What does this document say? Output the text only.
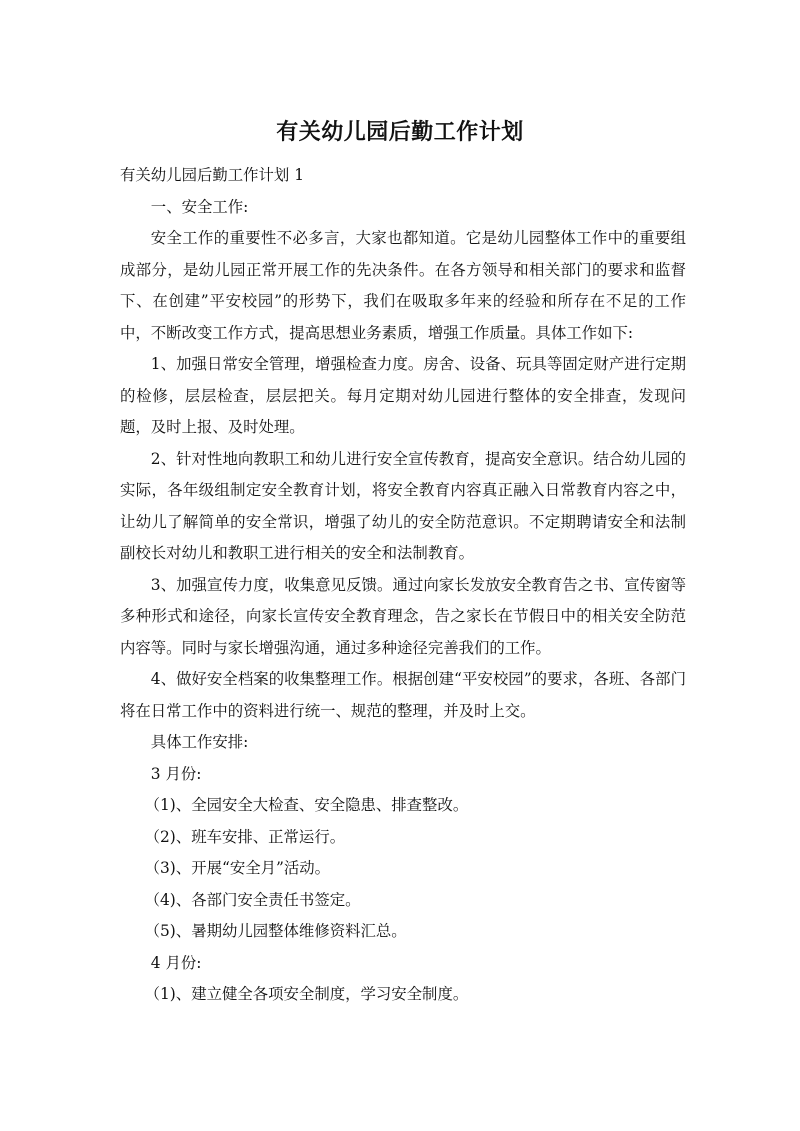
有关幼儿园后勤工作计划

有关幼儿园后勤工作计划 1

一、安全工作:

安全工作的重要性不必多言，大家也都知道。它是幼儿园整体工作中的重要组成部分，是幼儿园正常开展工作的先决条件。在各方领导和相关部门的要求和监督下、在创建”平安校园”的形势下，我们在吸取多年来的经验和所存在不足的工作中，不断改变工作方式，提高思想业务素质，增强工作质量。具体工作如下:

1、加强日常安全管理，增强检查力度。房舍、设备、玩具等固定财产进行定期的检修，层层检查，层层把关。每月定期对幼儿园进行整体的安全排查，发现问题，及时上报、及时处理。

2、针对性地向教职工和幼儿进行安全宣传教育，提高安全意识。结合幼儿园的实际，各年级组制定安全教育计划，将安全教育内容真正融入日常教育内容之中，让幼儿了解简单的安全常识，增强了幼儿的安全防范意识。不定期聘请安全和法制副校长对幼儿和教职工进行相关的安全和法制教育。

3、加强宣传力度，收集意见反馈。通过向家长发放安全教育告之书、宣传窗等多种形式和途径，向家长宣传安全教育理念，告之家长在节假日中的相关安全防范内容等。同时与家长增强沟通，通过多种途径完善我们的工作。

4、做好安全档案的收集整理工作。根据创建“平安校园”的要求，各班、各部门将在日常工作中的资料进行统一、规范的整理，并及时上交。

具体工作安排:

3 月份:

（1)、全园安全大检查、安全隐患、排查整改。

（2)、班车安排、正常运行。

（3)、开展“安全月”活动。

（4)、各部门安全责任书签定。

（5)、暑期幼儿园整体维修资料汇总。

4 月份:

（1)、建立健全各项安全制度，学习安全制度。
